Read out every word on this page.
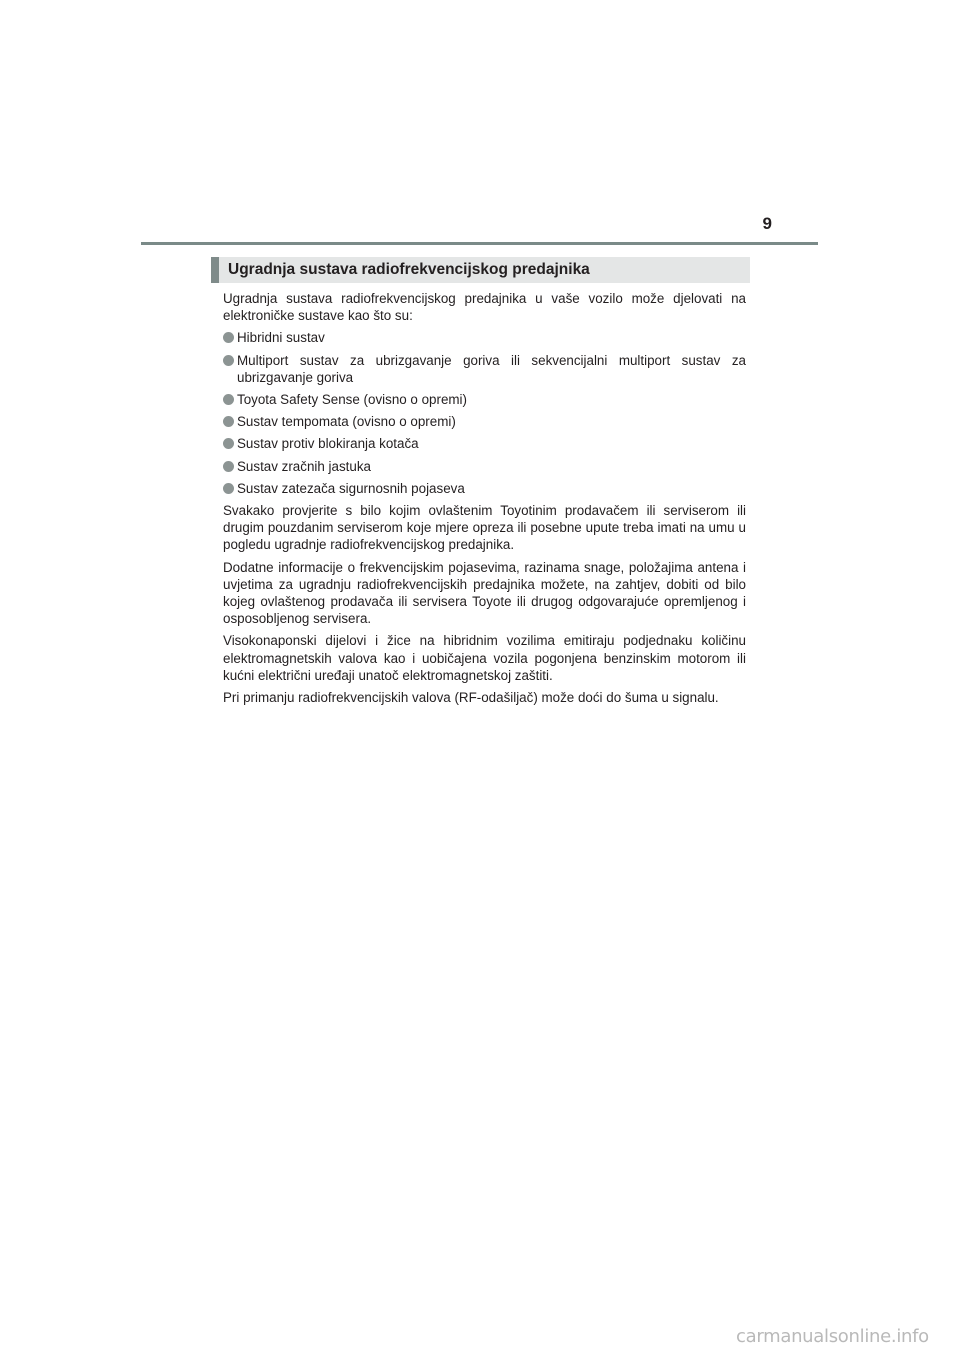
9
Ugradnja sustava radiofrekvencijskog predajnika

Ugradnja sustava radiofrekvencijskog predajnika u vaše vozilo može djelovati na elektroničke sustave kao što su:

Hibridni sustav
Multiport sustav za ubrizgavanje goriva ili sekvencijalni multiport sustav za ubrizgavanje goriva
Toyota Safety Sense (ovisno o opremi)
Sustav tempomata (ovisno o opremi)
Sustav protiv blokiranja kotača
Sustav zračnih jastuka
Sustav zatezača sigurnosnih pojaseva

Svakako provjerite s bilo kojim ovlaštenim Toyotinim prodavačem ili serviserom ili drugim pouzdanim serviserom koje mjere opreza ili posebne upute treba imati na umu u pogledu ugradnje radiofrekvencijskog predajnika.

Dodatne informacije o frekvencijskim pojasevima, razinama snage, položajima antena i uvjetima za ugradnju radiofrekvencijskih predajnika možete, na zahtjev, dobiti od bilo kojeg ovlaštenog prodavača ili servisera Toyote ili drugog odgovarajuće opremljenog i osposobljenog servisera.

Visokonaponski dijelovi i žice na hibridnim vozilima emitiraju podjednaku količinu elektromagnetskih valova kao i uobičajena vozila pogonjena benzinskim motorom ili kućni električni uređaji unatoč elektromagnetskoj zaštiti.

Pri primanju radiofrekvencijskih valova (RF-odašiljač) može doći do šuma u signalu.

carmanualsonline.info
